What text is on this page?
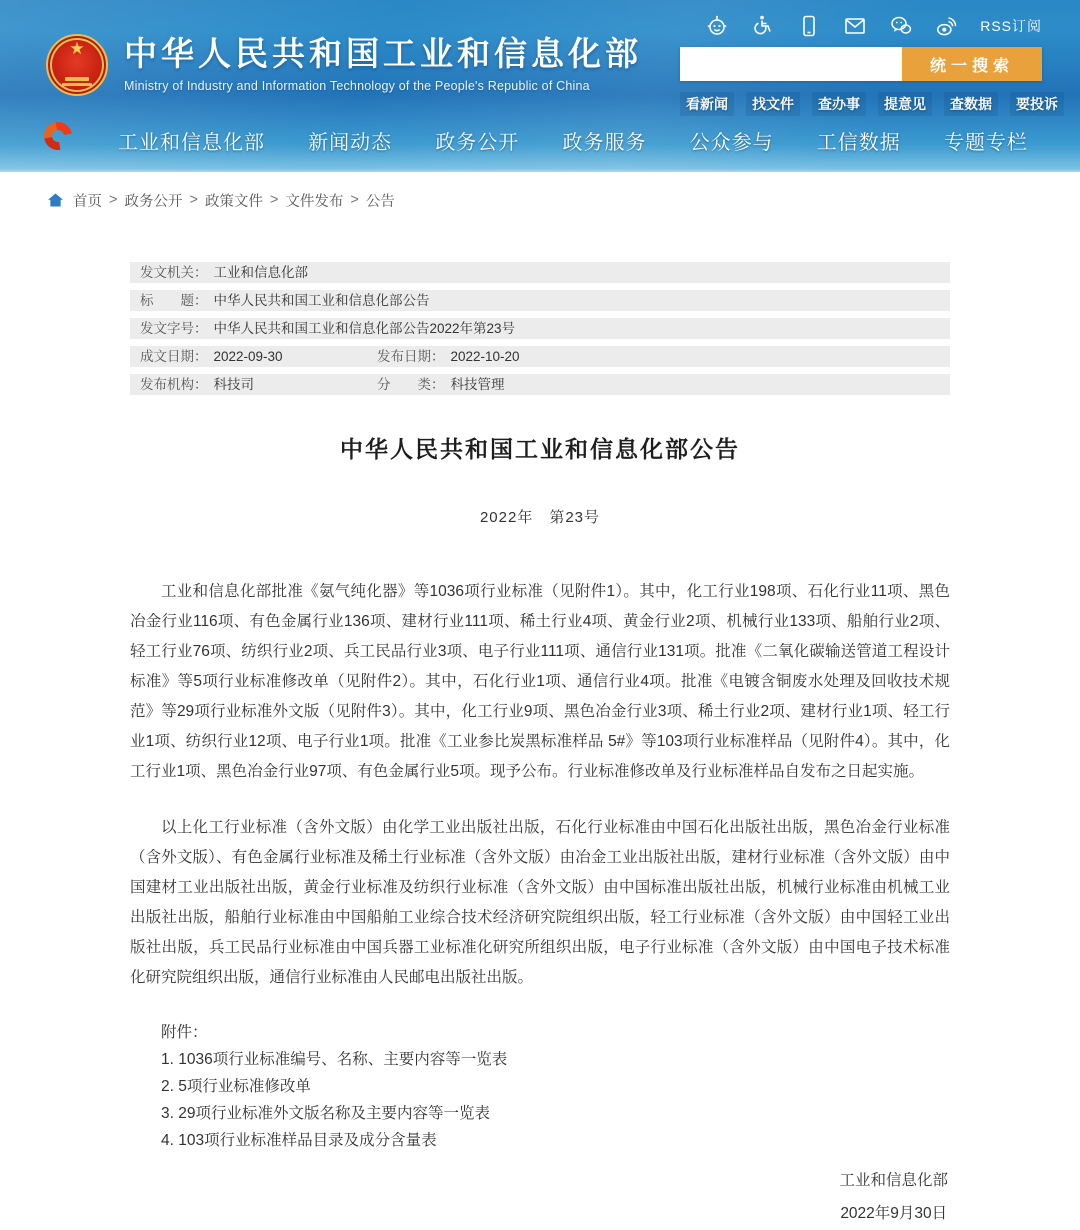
RSS订阅
★	中华人民共和国工业和信息化部
Ministry of Industry and Information Technology of the People's Republic of China
统一搜索
看新闻	找文件	查办事	提意见	查数据	要投诉
工业和信息化部 新闻动态 政务公开 政务服务 公众参与 工信数据 专题专栏
首页 > 政务公开 > 政策文件 > 文件发布 > 公告
发文机关： 工业和信息化部
标　　题： 中华人民共和国工业和信息化部公告
发文字号： 中华人民共和国工业和信息化部公告2022年第23号
成文日期： 2022-09-30	发布日期： 2022-10-20
发布机构： 科技司	分　　类： 科技管理
中华人民共和国工业和信息化部公告
2022年　第23号

工业和信息化部批准《氨气纯化器》等1036项行业标准（见附件1）。其中，化工行业198项、石化行业11项、黑色冶金行业116项、有色金属行业136项、建材行业111项、稀土行业4项、黄金行业2项、机械行业133项、船舶行业2项、轻工行业76项、纺织行业2项、兵工民品行业3项、电子行业111项、通信行业131项。批准《二氧化碳输送管道工程设计标准》等5项行业标准修改单（见附件2）。其中，石化行业1项、通信行业4项。批准《电镀含铜废水处理及回收技术规范》等29项行业标准外文版（见附件3）。其中，化工行业9项、黑色冶金行业3项、稀土行业2项、建材行业1项、轻工行业1项、纺织行业12项、电子行业1项。批准《工业参比炭黑标准样品 5#》等103项行业标准样品（见附件4）。其中，化工行业1项、黑色冶金行业97项、有色金属行业5项。现予公布。行业标准修改单及行业标准样品自发布之日起实施。

以上化工行业标准（含外文版）由化学工业出版社出版，石化行业标准由中国石化出版社出版，黑色冶金行业标准（含外文版）、有色金属行业标准及稀土行业标准（含外文版）由冶金工业出版社出版，建材行业标准（含外文版）由中国建材工业出版社出版，黄金行业标准及纺织行业标准（含外文版）由中国标准出版社出版，机械行业标准由机械工业出版社出版，船舶行业标准由中国船舶工业综合技术经济研究院组织出版，轻工行业标准（含外文版）由中国轻工业出版社出版，兵工民品行业标准由中国兵器工业标准化研究所组织出版，电子行业标准（含外文版）由中国电子技术标准化研究院组织出版，通信行业标准由人民邮电出版社出版。

附件：
1. 1036项行业标准编号、名称、主要内容等一览表
2. 5项行业标准修改单
3. 29项行业标准外文版名称及主要内容等一览表
4. 103项行业标准样品目录及成分含量表
工业和信息化部
2022年9月30日
